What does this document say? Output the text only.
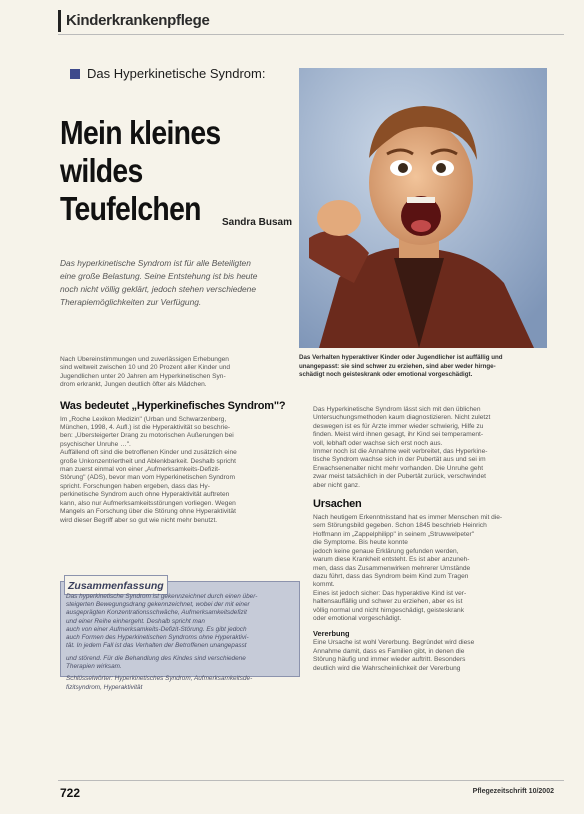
Kinderkrankenpflege
Das Hyperkinetische Syndrom:
Mein kleines
wildes Teufelchen	Sandra Busam
Das hyperkinetische Syndrom ist für alle Beteiligten
eine große Belastung. Seine Entstehung ist bis heute
noch nicht völlig geklärt, jedoch stehen verschiedene
Therapiemöglichkeiten zur Verfügung.
Das Verhalten hyperaktiver Kinder oder Jugendlicher ist auffällig und
unangepasst: sie sind schwer zu erziehen, sind aber weder hirnge-
schädigt noch geisteskrank oder emotional vorgeschädigt.
Nach Übereinstimmungen und zuverlässigen Erhebungen
sind weltweit zwischen 10 und 20 Prozent aller Kinder und
Jugendlichen unter 20 Jahren am Hyperkinetischen Syn-
drom erkrankt, Jungen deutlich öfter als Mädchen.
Was bedeutet „Hyperkinefisches Syndrom"?
Im „Roche Lexikon Medizin" (Urban und Schwarzenberg,
München, 1998, 4. Aufl.) ist die Hyperaktivität so beschrie-
ben: „Übersteigerter Drang zu motorischen Äußerungen bei
psychischer Unruhe …".
Auffällend oft sind die betroffenen Kinder und zusätzlich eine
große Unkonzentriertheit und Ablenkbarkeit. Deshalb spricht
man zuerst einmal von einer „Aufmerksamkeits-Defizit-
Störung" (ADS), bevor man vom Hyperkinetischen Syndrom
spricht. Forschungen haben ergeben, dass das Hy-
perkinetische Syndrom auch ohne Hyperaktivität auftreten
kann, also nur Aufmerksamkeitsstörungen vorliegen. Wegen
Mangels an Forschung über die Störung ohne Hyperaktivität
wird dieser Begriff aber so gut wie nicht mehr benutzt.
Zusammenfassung
Das hyperkinetische Syndrom ist gekennzeichnet durch einen über-
steigerten Bewegungsdrang gekennzeichnet, wobei der mit einer
ausgeprägten Konzentrationsschwäche, Aufmerksamkeitsdefizit
und einer Reihe einhergeht. Deshalb spricht man
auch von einer Aufmerksamkeits-Defizit-Störung. Es gibt jedoch
auch Formen des Hyperkinetischen Syndroms ohne Hyperaktivi-
tät. In jedem Fall ist das Verhalten der Betroffenen unangepasst
und störend. Für die Behandlung des Kindes sind verschiedene
Therapien wirksam.
Schlüsselwörter: Hyperkinetisches Syndrom, Aufmerksamkeitsde-
fizitsyndrom, Hyperaktivität
Das Hyperkinetische Syndrom lässt sich mit den üblichen
Untersuchungsmethoden kaum diagnostizieren. Nicht zuletzt
deswegen ist es für Ärzte immer wieder schwierig, Hilfe zu
finden. Meist wird ihnen gesagt, ihr Kind sei temperament-
voll, lebhaft oder wachse sich erst noch aus.
Immer noch ist die Annahme weit verbreitet, das Hyperkine-
tische Syndrom wachse sich in der Pubertät aus und sei im
Erwachsenenalter nicht mehr vorhanden. Die Unruhe geht
zwar meist tatsächlich in der Pubertät zurück, verschwindet
aber nicht ganz.
Ursachen
Nach heutigem Erkenntnisstand hat es immer Menschen mit die-
sem Störungsbild gegeben. Schon 1845 beschrieb Heinrich
Hoffmann im „Zappelphilipp" in seinem „Struwwelpeter"
die Symptome. Bis heute konnte
jedoch keine genaue Erklärung gefunden werden,
warum diese Krankheit entsteht. Es ist aber anzuneh-
men, dass das Zusammenwirken mehrerer Umstände
dazu führt, dass das Syndrom beim Kind zum Tragen
kommt.
Eines ist jedoch sicher: Das hyperaktive Kind ist ver-
haltensauffällig und schwer zu erziehen, aber es ist
völlig normal und nicht hirngeschädigt, geisteskrank
oder emotional vorgeschädigt.
Vererbung
Eine Ursache ist wohl Vererbung. Begründet wird diese
Annahme damit, dass es Familien gibt, in denen die
Störung häufig und immer wieder auftritt. Besonders
deutlich wird die Wahrscheinlichkeit der Vererbung
722	Pflegezeitschrift 10/2002
